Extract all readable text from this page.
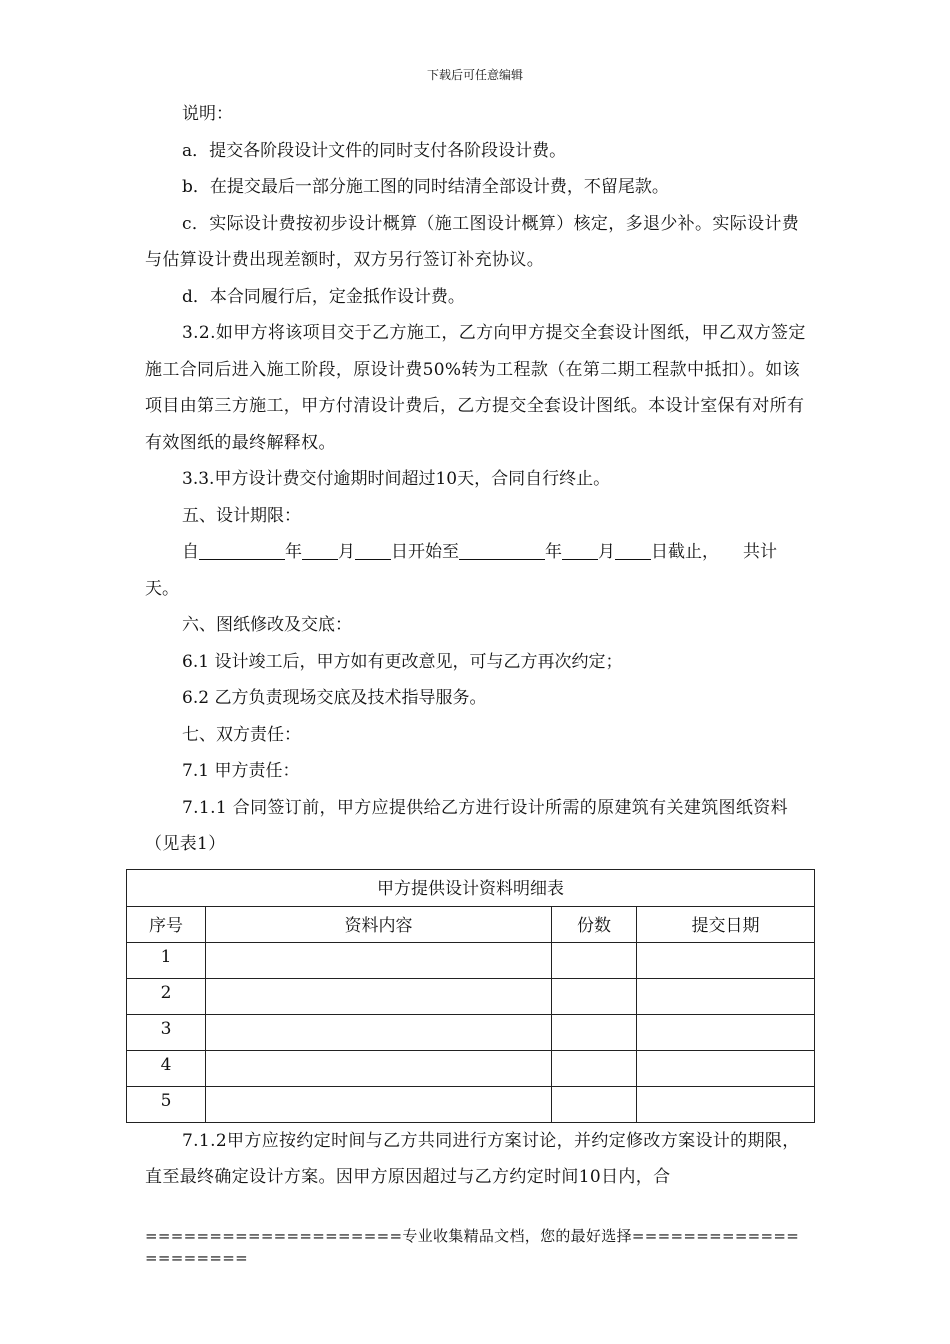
下载后可任意编辑

说明：

a．提交各阶段设计文件的同时支付各阶段设计费。

b．在提交最后一部分施工图的同时结清全部设计费，不留尾款。

c．实际设计费按初步设计概算（施工图设计概算）核定，多退少补。实际设计费与估算设计费出现差额时，双方另行签订补充协议。

d．本合同履行后，定金抵作设计费。

3.2.如甲方将该项目交于乙方施工，乙方向甲方提交全套设计图纸，甲乙双方签定施工合同后进入施工阶段，原设计费50%转为工程款（在第二期工程款中抵扣）。如该项目由第三方施工，甲方付清设计费后，乙方提交全套设计图纸。本设计室保有对所有有效图纸的最终解释权。

3.3.甲方设计费交付逾期时间超过10天，合同自行终止。

五、设计期限：

自	年 月 日开始至	年 月 日截止， 共计

天。

六、图纸修改及交底：

6.1 设计竣工后，甲方如有更改意见，可与乙方再次约定；

6.2 乙方负责现场交底及技术指导服务。

七、双方责任：

7.1 甲方责任：

7.1.1 合同签订前，甲方应提供给乙方进行设计所需的原建筑有关建筑图纸资料（见表1）

甲方提供设计资料明细表			

序号	资料内容	份数	提交日期

1			

2			

3			

4			

5			

7.1.2甲方应按约定时间与乙方共同进行方案讨论，并约定修改方案设计的期限，直至最终确定设计方案。因甲方原因超过与乙方约定时间10日内，合

====================专业收集精品文档，您的最好选择=====================
